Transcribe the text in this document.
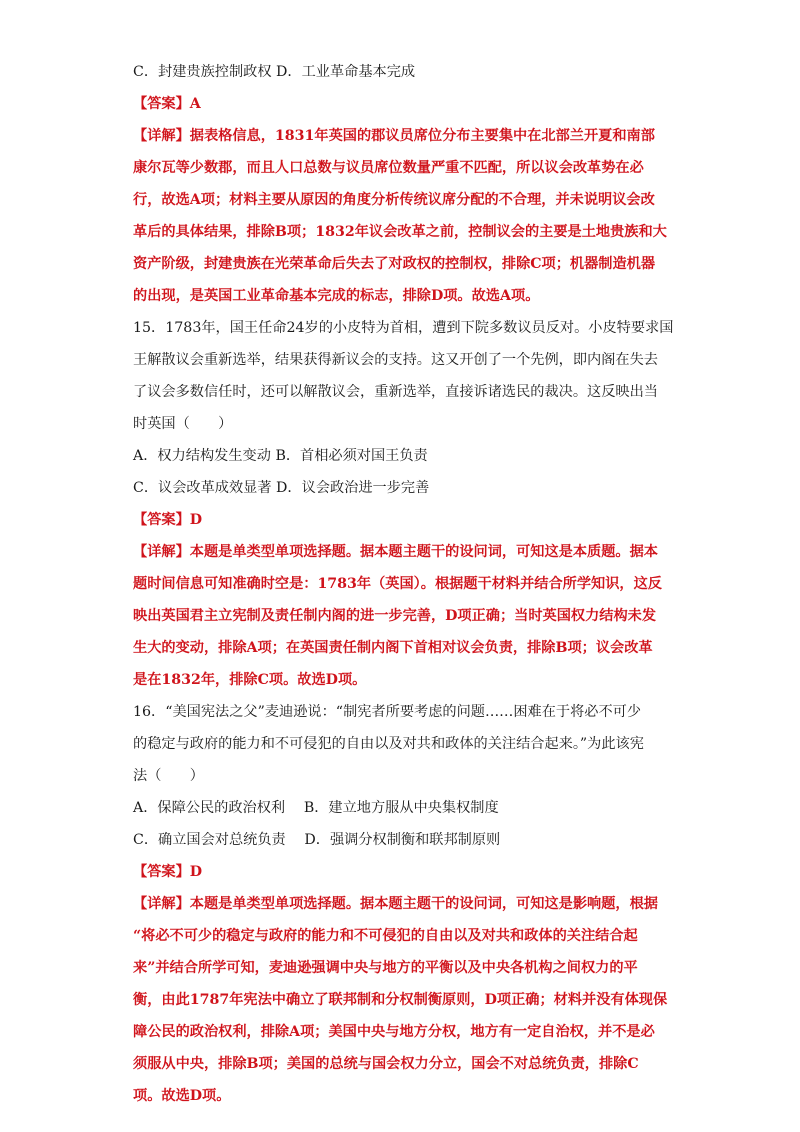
C．封建贵族控制政权 D．工业革命基本完成
【答案】A
【详解】据表格信息，1831年英国的郡议员席位分布主要集中在北部兰开夏和南部
康尔瓦等少数郡，而且人口总数与议员席位数量严重不匹配，所以议会改革势在必
行，故选A项；材料主要从原因的角度分析传统议席分配的不合理，并未说明议会改
革后的具体结果，排除B项；1832年议会改革之前，控制议会的主要是土地贵族和大
资产阶级，封建贵族在光荣革命后失去了对政权的控制权，排除C项；机器制造机器
的出现，是英国工业革命基本完成的标志，排除D项。故选A项。
15．1783年，国王任命24岁的小皮特为首相，遭到下院多数议员反对。小皮特要求国
王解散议会重新选举，结果获得新议会的支持。这又开创了一个先例，即内阁在失去
了议会多数信任时，还可以解散议会，重新选举，直接诉诸选民的裁决。这反映出当
时英国（　　）
A．权力结构发生变动 B．首相必须对国王负责
C．议会改革成效显著 D．议会政治进一步完善
【答案】D
【详解】本题是单类型单项选择题。据本题主题干的设问词，可知这是本质题。据本
题时间信息可知准确时空是：1783年（英国）。根据题干材料并结合所学知识，这反
映出英国君主立宪制及责任制内阁的进一步完善，D项正确；当时英国权力结构未发
生大的变动，排除A项；在英国责任制内阁下首相对议会负责，排除B项；议会改革
是在1832年，排除C项。故选D项。
16．“美国宪法之父”麦迪逊说：“制宪者所要考虑的问题……困难在于将必不可少
的稳定与政府的能力和不可侵犯的自由以及对共和政体的关注结合起来。”为此该宪
法（　　）
A．保障公民的政治权利　 B．建立地方服从中央集权制度
C．确立国会对总统负责　 D．强调分权制衡和联邦制原则
【答案】D
【详解】本题是单类型单项选择题。据本题主题干的设问词，可知这是影响题，根据
“将必不可少的稳定与政府的能力和不可侵犯的自由以及对共和政体的关注结合起
来”并结合所学可知，麦迪逊强调中央与地方的平衡以及中央各机构之间权力的平
衡，由此1787年宪法中确立了联邦制和分权制衡原则，D项正确；材料并没有体现保
障公民的政治权利，排除A项；美国中央与地方分权，地方有一定自治权，并不是必
须服从中央，排除B项；美国的总统与国会权力分立，国会不对总统负责，排除C
项。故选D项。
